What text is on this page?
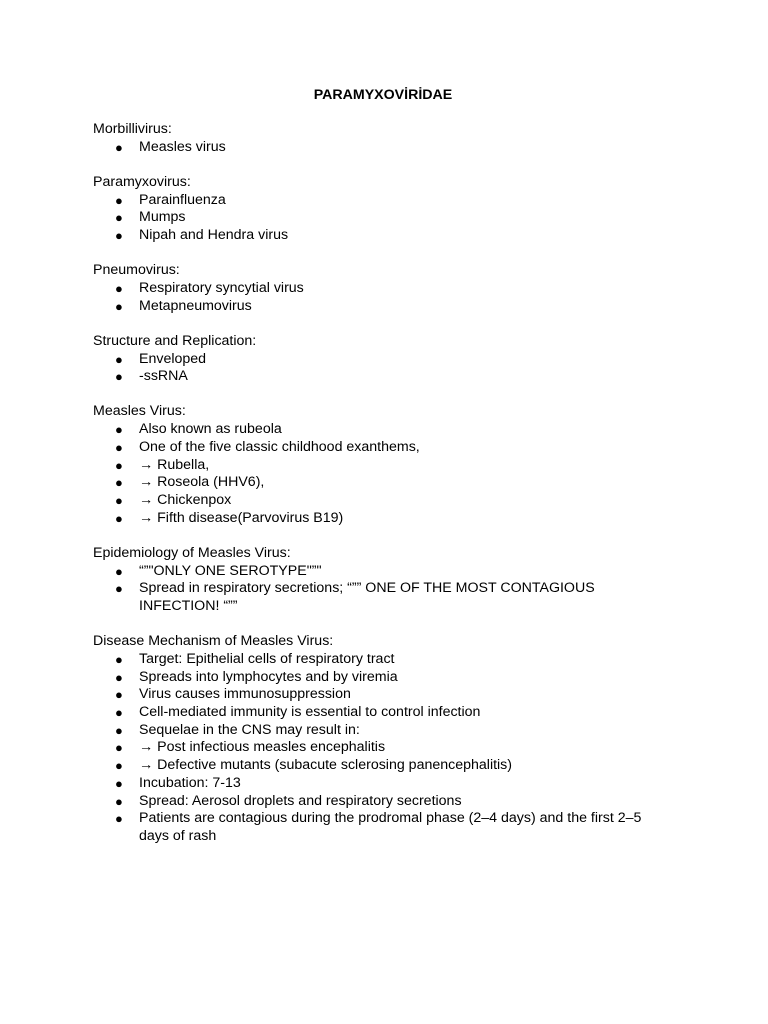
PARAMYXOVİRİDAE

Morbillivirus:

● Measles virus

Paramyxovirus:

● Parainfluenza
● Mumps
● Nipah and Hendra virus

Pneumovirus:

● Respiratory syncytial virus
● Metapneumovirus

Structure and Replication:

● Enveloped
● -ssRNA

Measles Virus:

● Also known as rubeola
● One of the five classic childhood exanthems,
● → Rubella,
● → Roseola (HHV6),
● → Chickenpox
● → Fifth disease(Parvovirus B19)

Epidemiology of Measles Virus:

● “”"ONLY ONE SEROTYPE"”"
● Spread in respiratory secretions; “”” ONE OF THE MOST CONTAGIOUS INFECTION! “””

Disease Mechanism of Measles Virus:

● Target: Epithelial cells of respiratory tract
● Spreads into lymphocytes and by viremia
● Virus causes immunosuppression
● Cell-mediated immunity is essential to control infection
● Sequelae in the CNS may result in:
● → Post infectious measles encephalitis
● → Defective mutants (subacute sclerosing panencephalitis)
● Incubation: 7-13
● Spread: Aerosol droplets and respiratory secretions
● Patients are contagious during the prodromal phase (2–4 days) and the first 2–5 days of rash
